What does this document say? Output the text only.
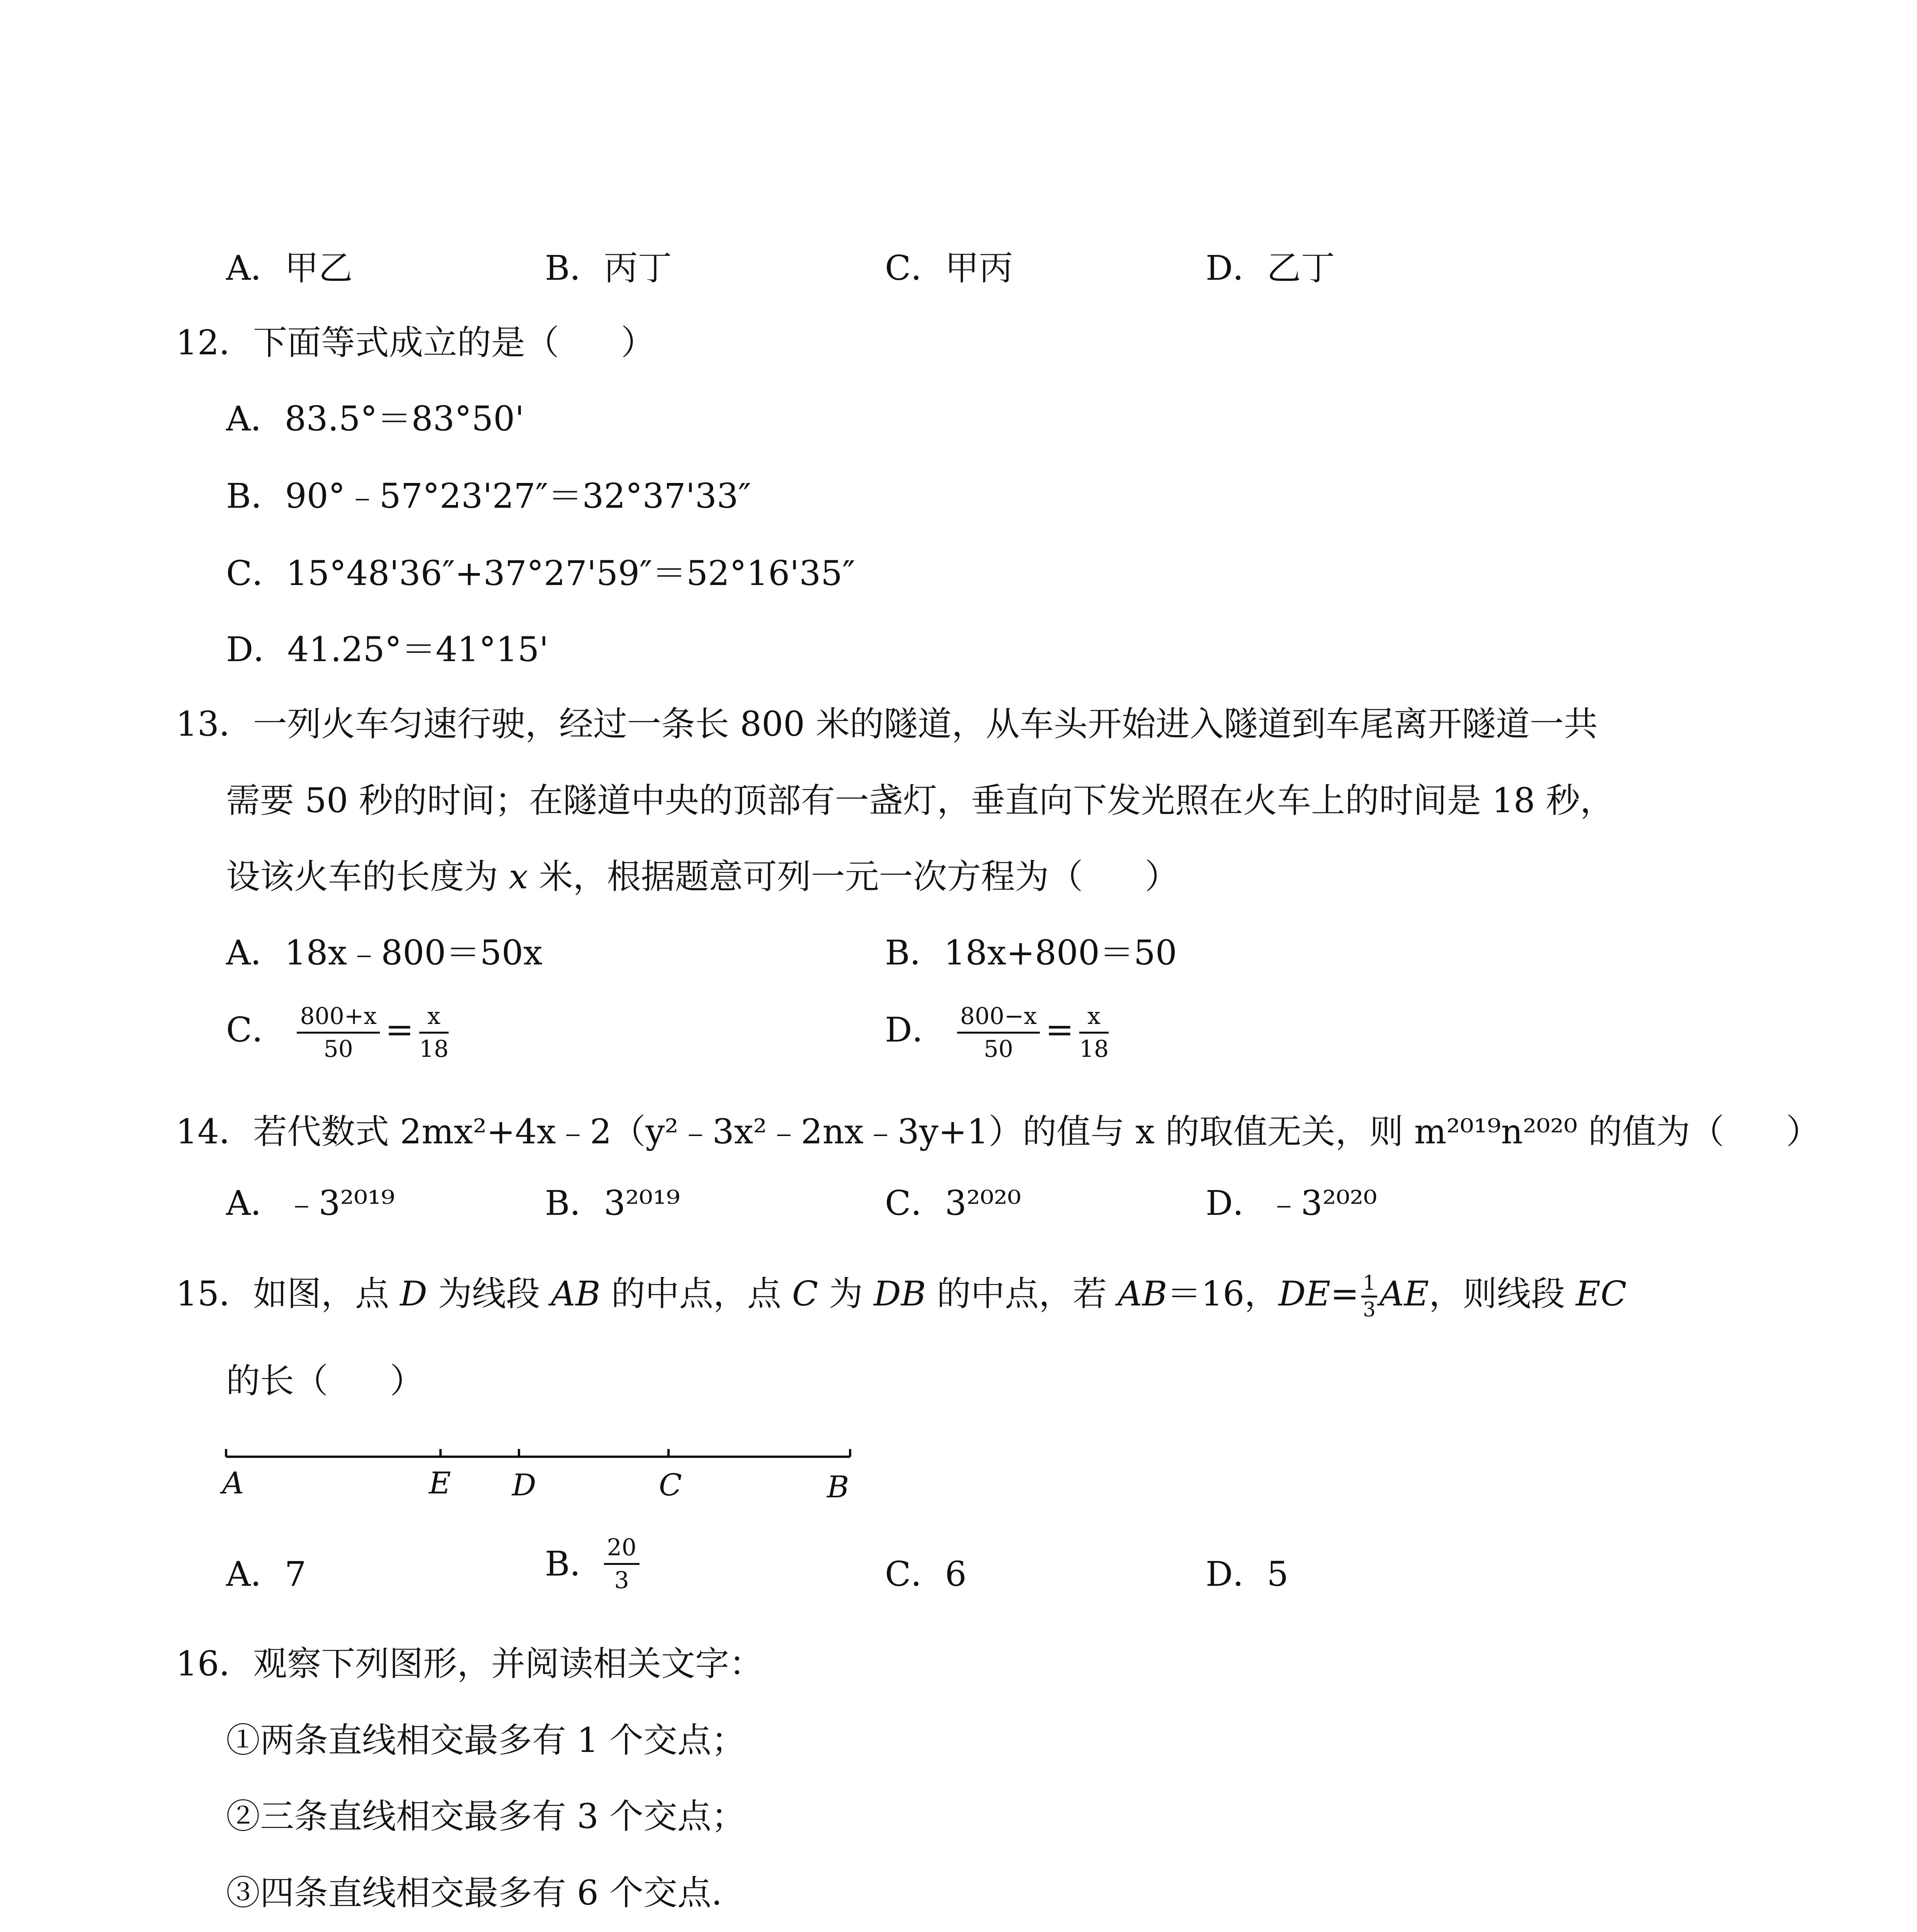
A．甲乙	B．丙丁	C．甲丙	D．乙丁
12．下面等式成立的是（ ）
A．83.5°＝83°50'
B．90°﹣57°23'27″＝32°37'33″
C．15°48'36″+37°27'59″＝52°16'35″
D．41.25°＝41°15'
13．一列火车匀速行驶，经过一条长 800 米的隧道，从车头开始进入隧道到车尾离开隧道一共
需要 50 秒的时间；在隧道中央的顶部有一盏灯，垂直向下发光照在火车上的时间是 18 秒，
设该火车的长度为 x 米，根据题意可列一元一次方程为（ ）
A．18x﹣800＝50x	B．18x+800＝50
C． $\frac{800+x}{50} = \frac{x}{18}$	D． $\frac{800-x}{50} = \frac{x}{18}$
14．若代数式 2mx²+4x﹣2（y²﹣3x²﹣2nx﹣3y+1）的值与 x 的取值无关，则 m²⁰¹⁹n²⁰²⁰ 的值为（ ）
A．﹣3²⁰¹⁹	B．3²⁰¹⁹	C．3²⁰²⁰	D．﹣3²⁰²⁰
15．如图，点 D 为线段 AB 的中点，点 C 为 DB 的中点，若 AB＝16，$DE= \frac{1}{3}$ AE，则线段 EC
的长（ ）
A	E D	C	B
A．7	B． $\frac{20}{3}$	C．6	D．5
16．观察下列图形，并阅读相关文字：
①两条直线相交最多有 1 个交点；
②三条直线相交最多有 3 个交点；
③四条直线相交最多有 6 个交点.
